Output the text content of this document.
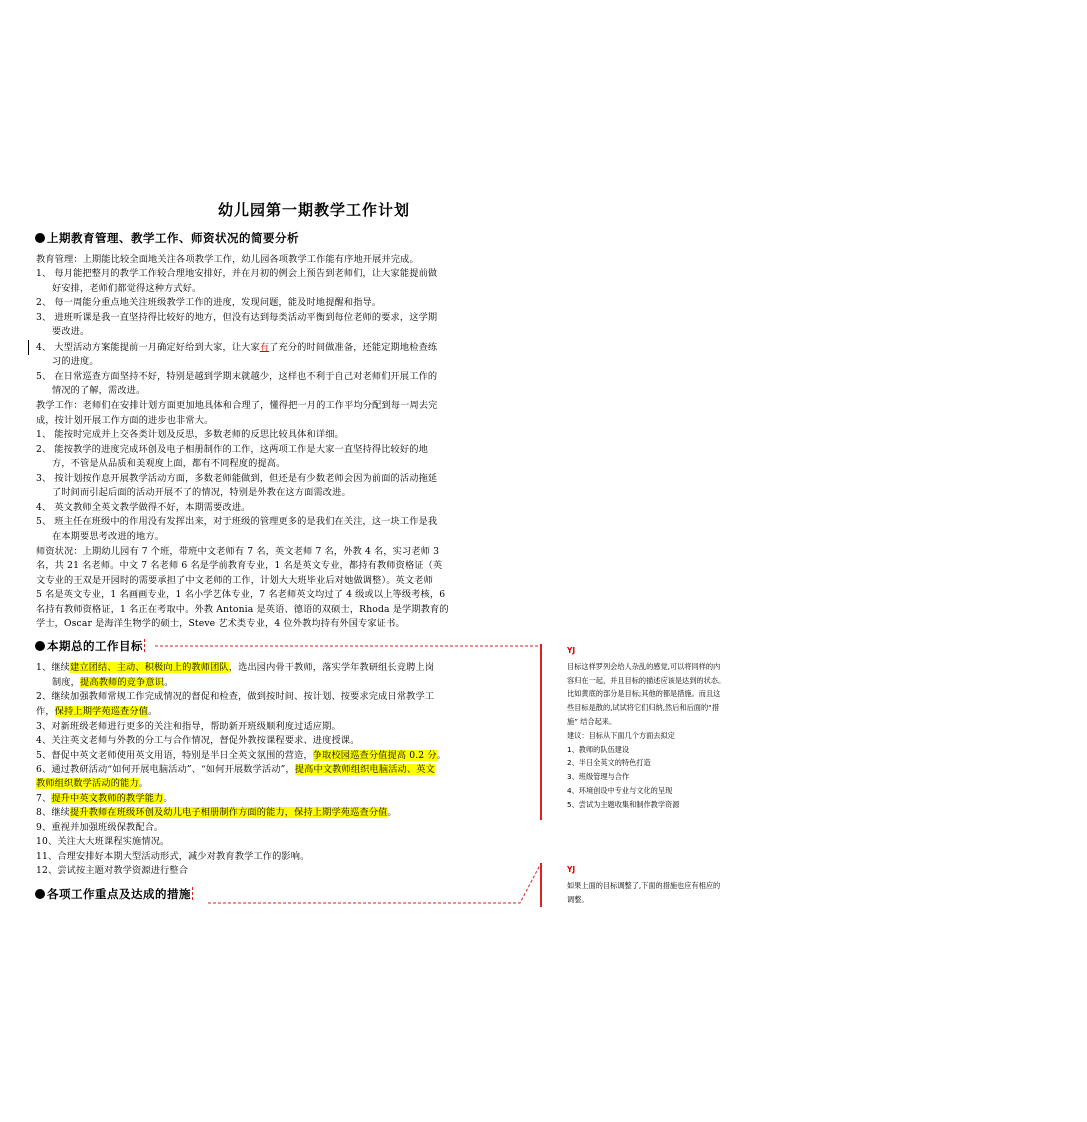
幼儿园第一期教学工作计划
上期教育管理、教学工作、师资状况的简要分析
教育管理：上期能比较全面地关注各项教学工作，幼儿园各项教学工作能有序地开展并完成。
1、 每月能把整月的教学工作较合理地安排好，并在月初的例会上预告到老师们，让大家能提前做
好安排，老师们都觉得这种方式好。
2、 每一周能分重点地关注班级教学工作的进度，发现问题，能及时地提醒和指导。
3、 进班听课是我一直坚持得比较好的地方，但没有达到每类活动平衡到每位老师的要求，这学期
要改进。
4、 大型活动方案能提前一月确定好给到大家，让大家有了充分的时间做准备，还能定期地检查练
习的进度。
5、 在日常巡查方面坚持不好，特别是越到学期末就越少，这样也不利于自己对老师们开展工作的
情况的了解，需改进。
教学工作：老师们在安排计划方面更加地具体和合理了，懂得把一月的工作平均分配到每一周去完
成，按计划开展工作方面的进步也非常大。
1、 能按时完成并上交各类计划及反思，多数老师的反思比较具体和详细。
2、 能按教学的进度完成环创及电子相册制作的工作，这两项工作是大家一直坚持得比较好的地
方，不管是从品质和美观度上面，都有不同程度的提高。
3、 按计划按作息开展教学活动方面，多数老师能做到，但还是有少数老师会因为前面的活动拖延
了时间而引起后面的活动开展不了的情况，特别是外教在这方面需改进。
4、 英文教师全英文教学做得不好，本期需要改进。
5、 班主任在班级中的作用没有发挥出来，对于班级的管理更多的是我们在关注，这一块工作是我
在本期要思考改进的地方。
师资状况：上期幼儿园有 7 个班，带班中文老师有 7 名，英文老师 7 名，外教 4 名，实习老师 3
名，共 21 名老师。中文 7 名老师 6 名是学前教育专业，1 名是英文专业，都持有教师资格证（英
文专业的王双是开园时的需要承担了中文老师的工作，计划大大班毕业后对她做调整）。英文老师
5 名是英文专业，1 名画画专业，1 名小学艺体专业，7 名老师英文均过了 4 级或以上等级考核，6
名持有教师资格证，1 名正在考取中。外教 Antonia 是英语、德语的双硕士，Rhoda 是学期教育的
学士，Oscar 是海洋生物学的硕士，Steve 艺术类专业，4 位外教均持有外国专家证书。
本期总的工作目标
1、继续建立团结、主动、积极向上的教师团队，选出园内骨干教师，落实学年教研组长竞聘上岗
制度，提高教师的竞争意识。
2、继续加强教师常规工作完成情况的督促和检查，做到按时间、按计划、按要求完成日常教学工
作，保持上期学苑巡查分值。
3、对新班级老师进行更多的关注和指导，帮助新开班级顺利度过适应期。
4、关注英文老师与外教的分工与合作情况，督促外教按课程要求、进度授课。
5、督促中英文老师使用英文用语，特别是半日全英文氛围的营造，争取校园巡查分值提高 0.2 分。
6、通过教研活动“如何开展电脑活动”、“如何开展数学活动”，提高中文教师组织电脑活动、英文
教师组织数学活动的能力。
7、提升中英文教师的教学能力。
8、继续提升教师在班级环创及幼儿电子相册制作方面的能力，保持上期学苑巡查分值。
9、重视并加强班级保教配合。
10、关注大大班课程实施情况。
11、合理安排好本期大型活动形式，减少对教育教学工作的影响。
12、尝试按主题对教学资源进行整合
各项工作重点及达成的措施
YJ
目标这样罗列会给人杂乱的感觉,可以将同样的内
容归在一起，并且目标的描述应该是达到的状态。
比如黄底的部分是目标;其他的都是措施。而且这
些目标是散的,试试将它们归纳,然后和后面的“措
施” 结合起来。
建议：目标从下面几个方面去拟定
1、教师的队伍建设
2、半日全英文的特色打造
3、班级管理与合作
4、环境创设中专业与文化的呈现
5、尝试为主题收集和制作教学资源
YJ
如果上面的目标调整了,下面的措施也应有相应的
调整。
